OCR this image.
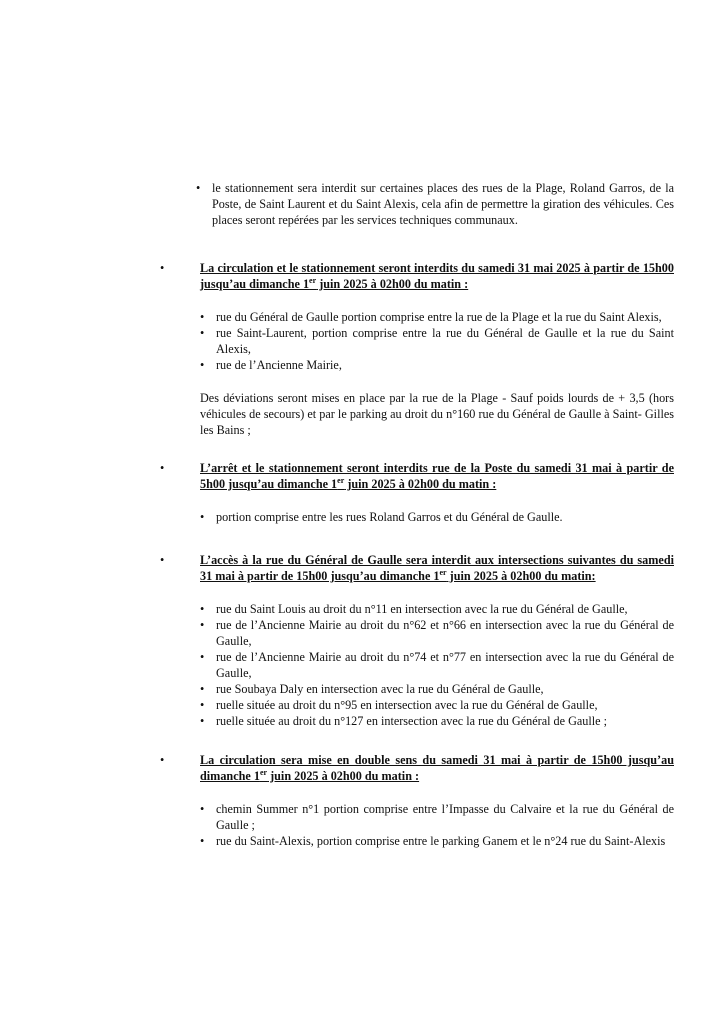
• le stationnement sera interdit sur certaines places des rues de la Plage, Roland Garros, de la Poste, de Saint Laurent et du Saint Alexis, cela afin de permettre la giration des véhicules. Ces places seront repérées par les services techniques communaux.
•	La circulation et le stationnement seront interdits du samedi 31 mai 2025 à partir de 15h00 jusqu’au dimanche 1er juin 2025 à 02h00 du matin :
• rue du Général de Gaulle portion comprise entre la rue de la Plage et la rue du Saint Alexis,
• rue Saint-Laurent, portion comprise entre la rue du Général de Gaulle et la rue du Saint Alexis,
• rue de l’Ancienne Mairie,
Des déviations seront mises en place par la rue de la Plage - Sauf poids lourds de + 3,5 (hors véhicules de secours) et par le parking au droit du n°160 rue du Général de Gaulle à Saint- Gilles les Bains ;
•	L’arrêt et le stationnement seront interdits rue de la Poste du samedi 31 mai à partir de 5h00 jusqu’au dimanche 1er juin 2025 à 02h00 du matin :
• portion comprise entre les rues Roland Garros et du Général de Gaulle.
•	L’accès à la rue du Général de Gaulle sera interdit aux intersections suivantes du samedi 31 mai à partir de 15h00 jusqu’au dimanche 1er juin 2025 à 02h00 du matin:
• rue du Saint Louis au droit du n°11 en intersection avec la rue du Général de Gaulle,
• rue de l’Ancienne Mairie au droit du n°62 et n°66 en intersection avec la rue du Général de Gaulle,
• rue de l’Ancienne Mairie au droit du n°74 et n°77 en intersection avec la rue du Général de Gaulle,
• rue Soubaya Daly en intersection avec la rue du Général de Gaulle,
• ruelle située au droit du n°95 en intersection avec la rue du Général de Gaulle,
• ruelle située au droit du n°127 en intersection avec la rue du Général de Gaulle ;
•	La circulation sera mise en double sens du samedi 31 mai à partir de 15h00 jusqu’au dimanche 1er juin 2025 à 02h00 du matin :
• chemin Summer n°1 portion comprise entre l’Impasse du Calvaire et la rue du Général de Gaulle ;
• rue du Saint-Alexis, portion comprise entre le parking Ganem et le n°24 rue du Saint-Alexis
